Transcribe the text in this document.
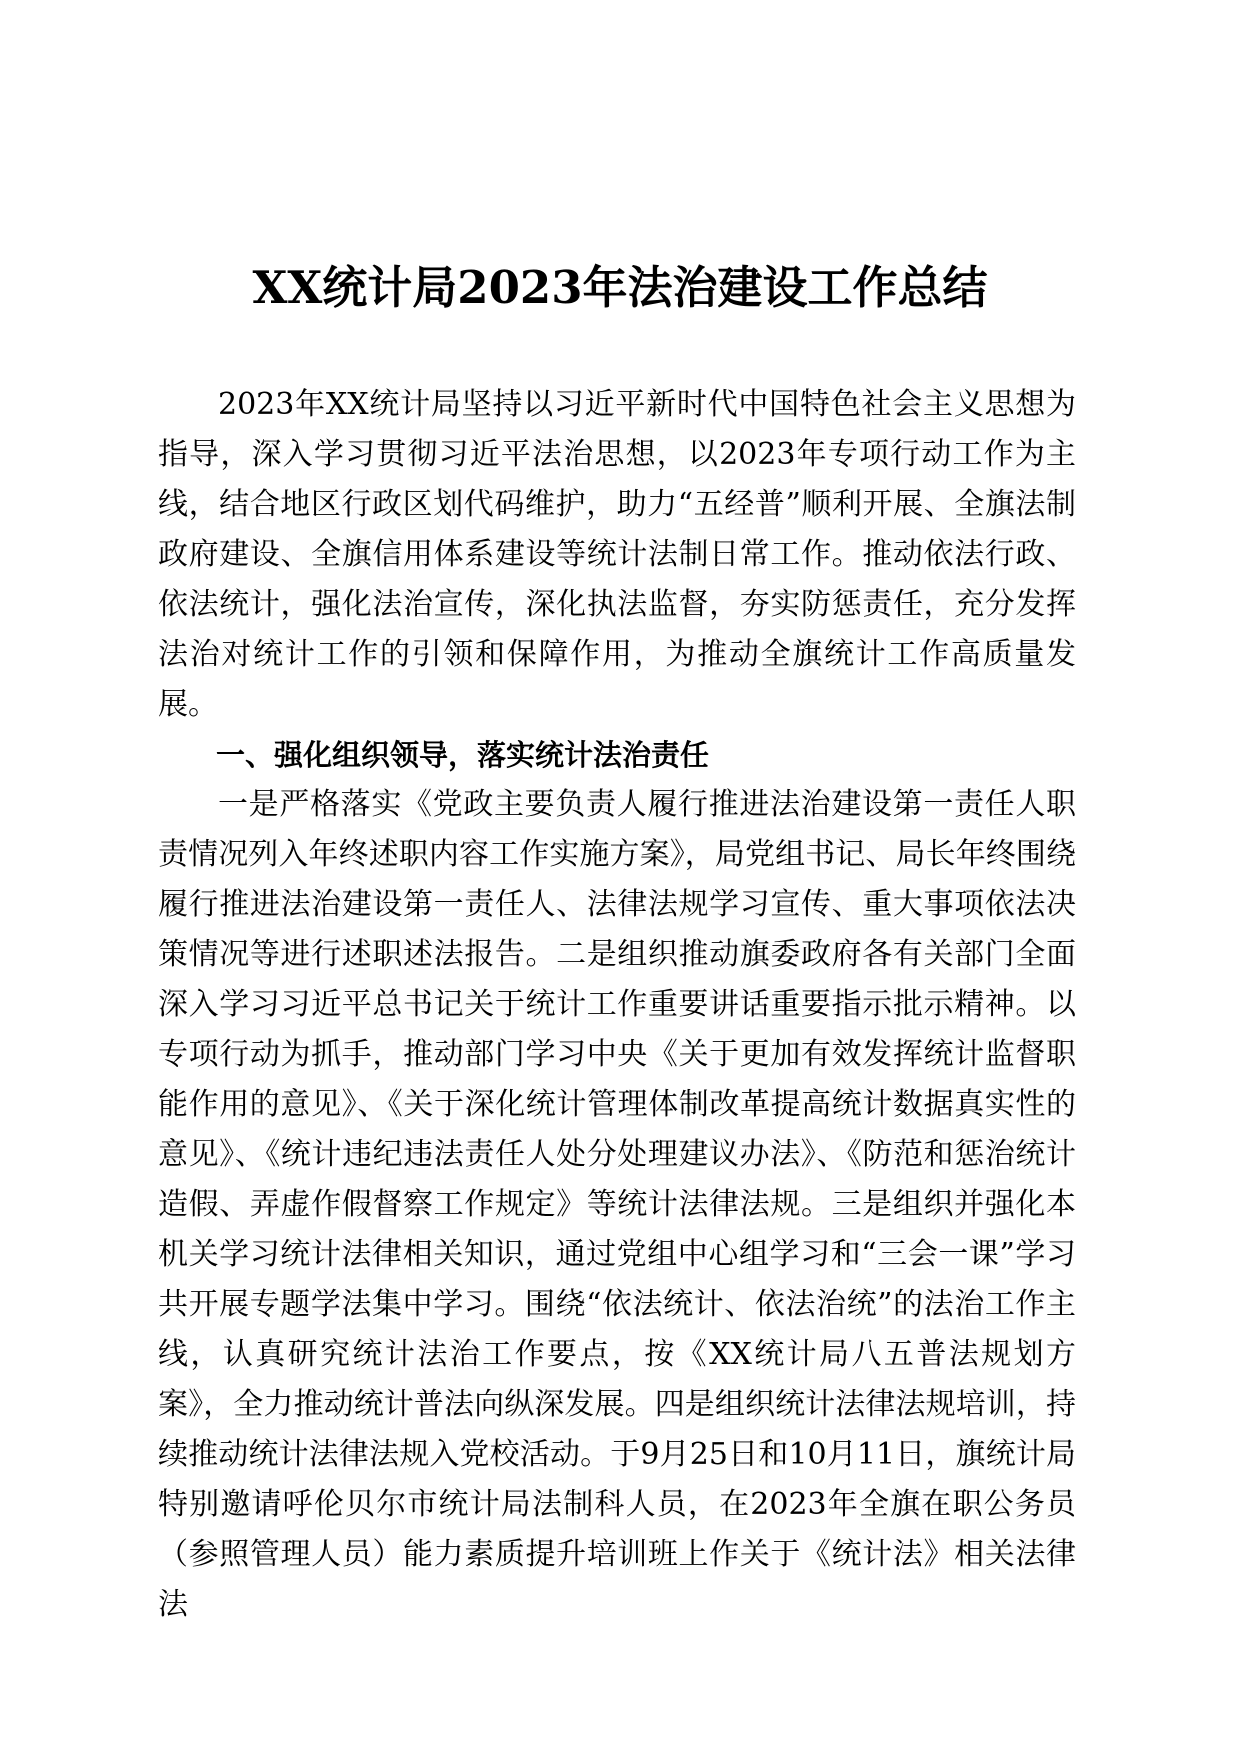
XX统计局2023年法治建设工作总结

2023年XX统计局坚持以习近平新时代中国特色社会主义思想为指导，深入学习贯彻习近平法治思想，以2023年专项行动工作为主线，结合地区行政区划代码维护，助力“五经普”顺利开展、全旗法制政府建设、全旗信用体系建设等统计法制日常工作。推动依法行政、依法统计，强化法治宣传，深化执法监督，夯实防惩责任，充分发挥法治对统计工作的引领和保障作用，为推动全旗统计工作高质量发展。

一、强化组织领导，落实统计法治责任

一是严格落实《党政主要负责人履行推进法治建设第一责任人职责情况列入年终述职内容工作实施方案》，局党组书记、局长年终围绕履行推进法治建设第一责任人、法律法规学习宣传、重大事项依法决策情况等进行述职述法报告。二是组织推动旗委政府各有关部门全面深入学习习近平总书记关于统计工作重要讲话重要指示批示精神。以专项行动为抓手，推动部门学习中央《关于更加有效发挥统计监督职能作用的意见》、《关于深化统计管理体制改革提高统计数据真实性的意见》、《统计违纪违法责任人处分处理建议办法》、《防范和惩治统计造假、弄虚作假督察工作规定》等统计法律法规。三是组织并强化本机关学习统计法律相关知识，通过党组中心组学习和“三会一课”学习共开展专题学法集中学习。围绕“依法统计、依法治统”的法治工作主线，认真研究统计法治工作要点，按《XX统计局八五普法规划方案》，全力推动统计普法向纵深发展。四是组织统计法律法规培训，持续推动统计法律法规入党校活动。于9月25日和10月11日，旗统计局特别邀请呼伦贝尔市统计局法制科人员，在2023年全旗在职公务员（参照管理人员）能力素质提升培训班上作关于《统计法》相关法律法
